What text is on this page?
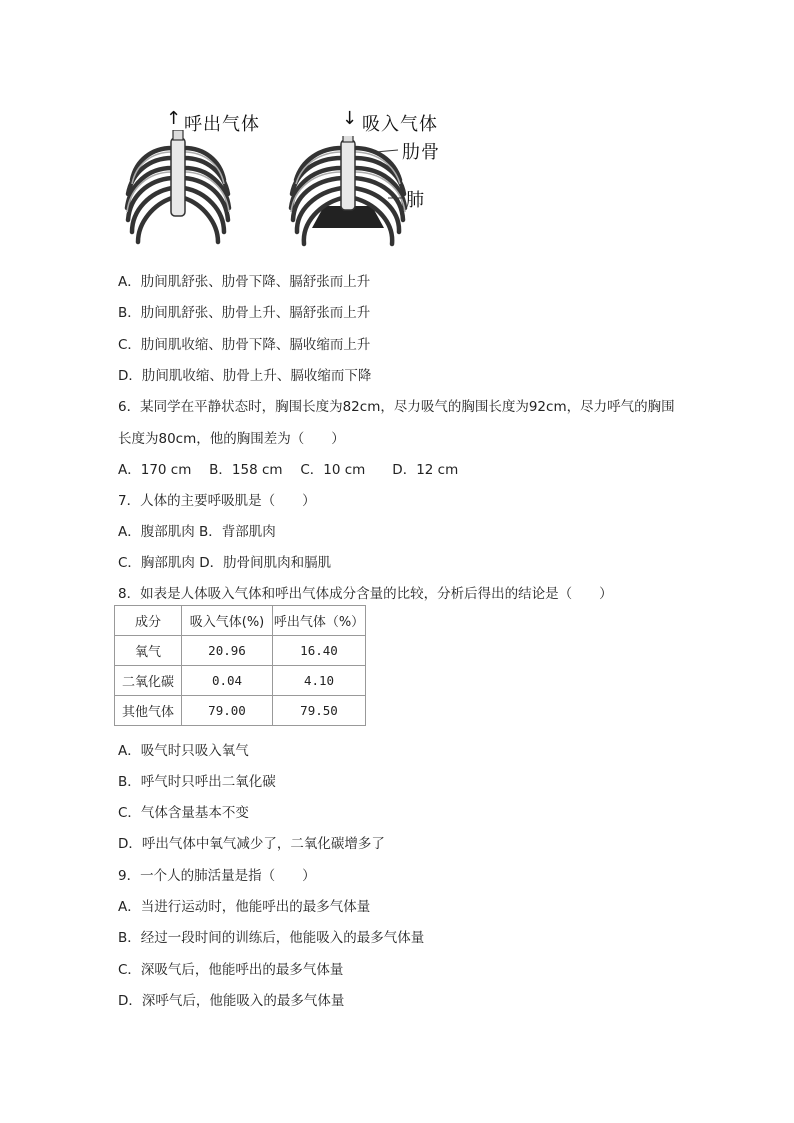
↑ 呼出气体	↓ 吸入气体
肋骨
肺
A．肋间肌舒张、肋骨下降、膈舒张而上升
B．肋间肌舒张、肋骨上升、膈舒张而上升
C．肋间肌收缩、肋骨下降、膈收缩而上升
D．肋间肌收缩、肋骨上升、膈收缩而下降
6．某同学在平静状态时，胸围长度为82cm，尽力吸气的胸围长度为92cm，尽力呼气的胸围
长度为80cm，他的胸围差为（　　）
A．170 cm　 B．158 cm　 C．10 cm　　D．12 cm
7．人体的主要呼吸肌是（　　）
A．腹部肌肉 B．背部肌肉
C．胸部肌肉 D．肋骨间肌肉和膈肌
8．如表是人体吸入气体和呼出气体成分含量的比较，分析后得出的结论是（　　）
成分	吸入气体(%)	呼出气体（%）
氧气	20.96	16.40
二氧化碳	0.04	4.10
其他气体	79.00	79.50
A．吸气时只吸入氧气
B．呼气时只呼出二氧化碳
C．气体含量基本不变
D．呼出气体中氧气减少了，二氧化碳增多了
9．一个人的肺活量是指（　　）
A．当进行运动时，他能呼出的最多气体量
B．经过一段时间的训练后，他能吸入的最多气体量
C．深吸气后，他能呼出的最多气体量
D．深呼气后，他能吸入的最多气体量
